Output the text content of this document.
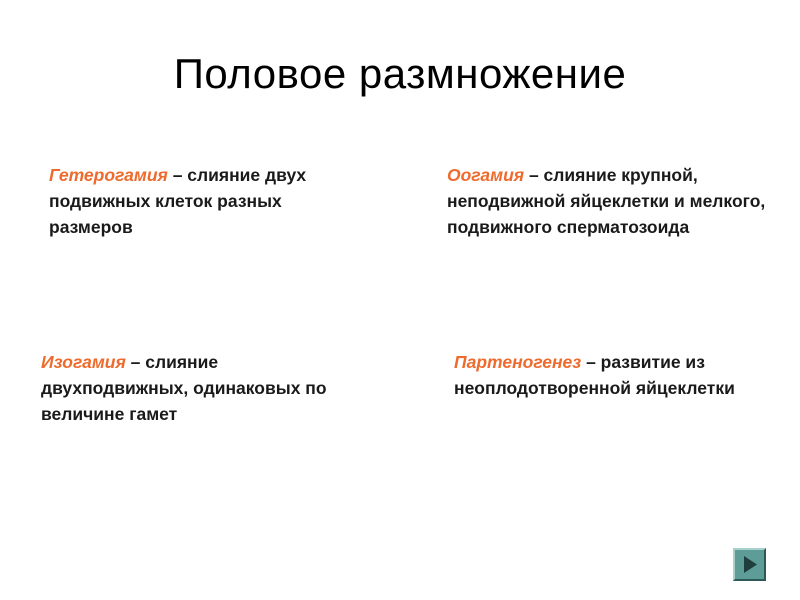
Половое размножение

Гетерогамия – слияние двух подвижных клеток разных размеров

Оогамия – слияние крупной, неподвижной яйцеклетки и мелкого, подвижного сперматозоида

Изогамия – слияние двухподвижных, одинаковых по величине гамет

Партеногенез – развитие из неоплодотворенной яйцеклетки
